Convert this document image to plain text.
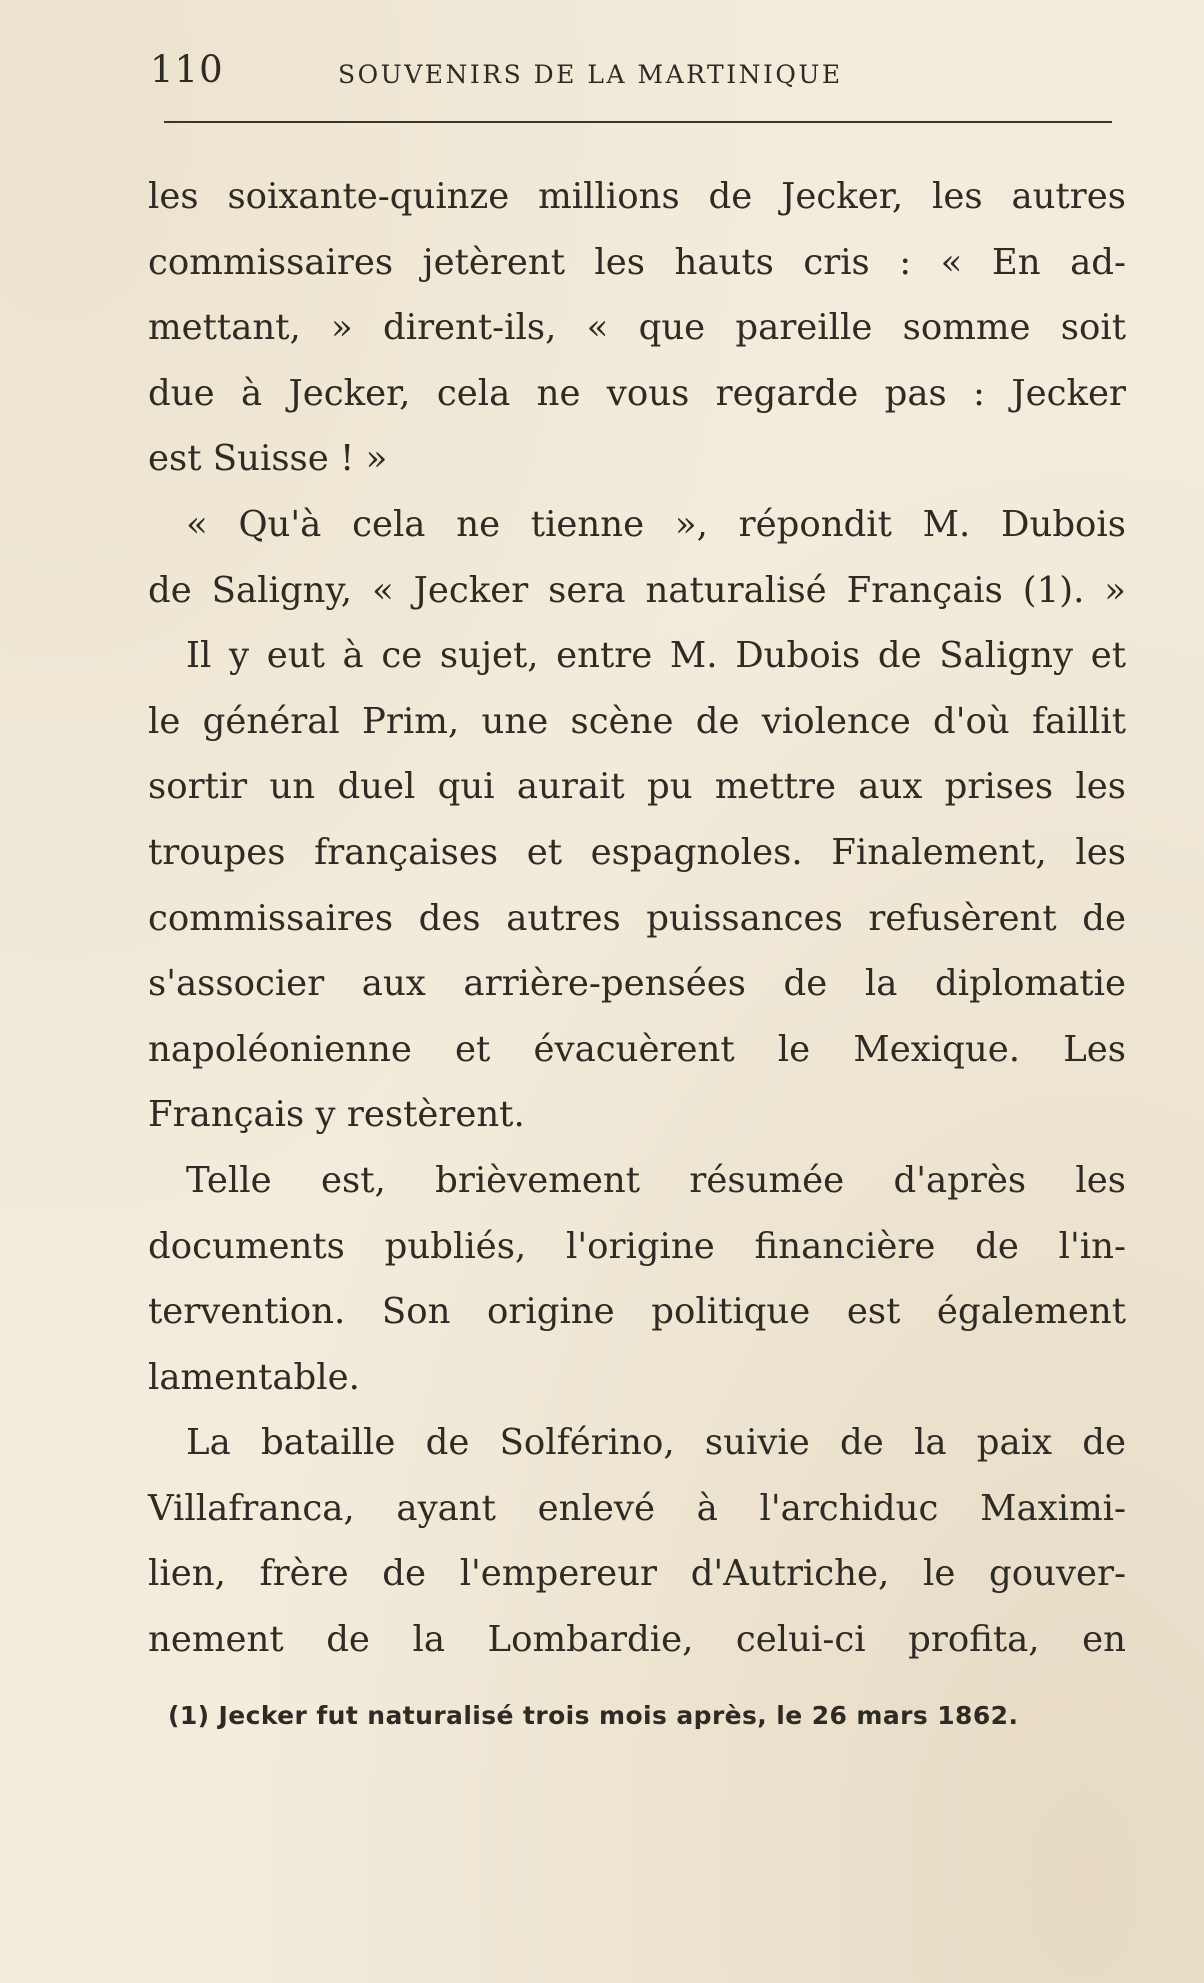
110	SOUVENIRS DE LA MARTINIQUE
les soixante-quinze millions de Jecker, les autres
commissaires jetèrent les hauts cris : « En ad-
mettant, » dirent-ils, « que pareille somme soit
due à Jecker, cela ne vous regarde pas : Jecker
est Suisse ! »
« Qu'à cela ne tienne », répondit M. Dubois
de Saligny, « Jecker sera naturalisé Français (1). »
Il y eut à ce sujet, entre M. Dubois de Saligny et
le général Prim, une scène de violence d'où faillit
sortir un duel qui aurait pu mettre aux prises les
troupes françaises et espagnoles. Finalement, les
commissaires des autres puissances refusèrent de
s'associer aux arrière-pensées de la diplomatie
napoléonienne et évacuèrent le Mexique. Les
Français y restèrent.
Telle est, brièvement résumée d'après les
documents publiés, l'origine financière de l'in-
tervention. Son origine politique est également
lamentable.
La bataille de Solférino, suivie de la paix de
Villafranca, ayant enlevé à l'archiduc Maximi-
lien, frère de l'empereur d'Autriche, le gouver-
nement de la Lombardie, celui-ci profita, en
(1) Jecker fut naturalisé trois mois après, le 26 mars 1862.
